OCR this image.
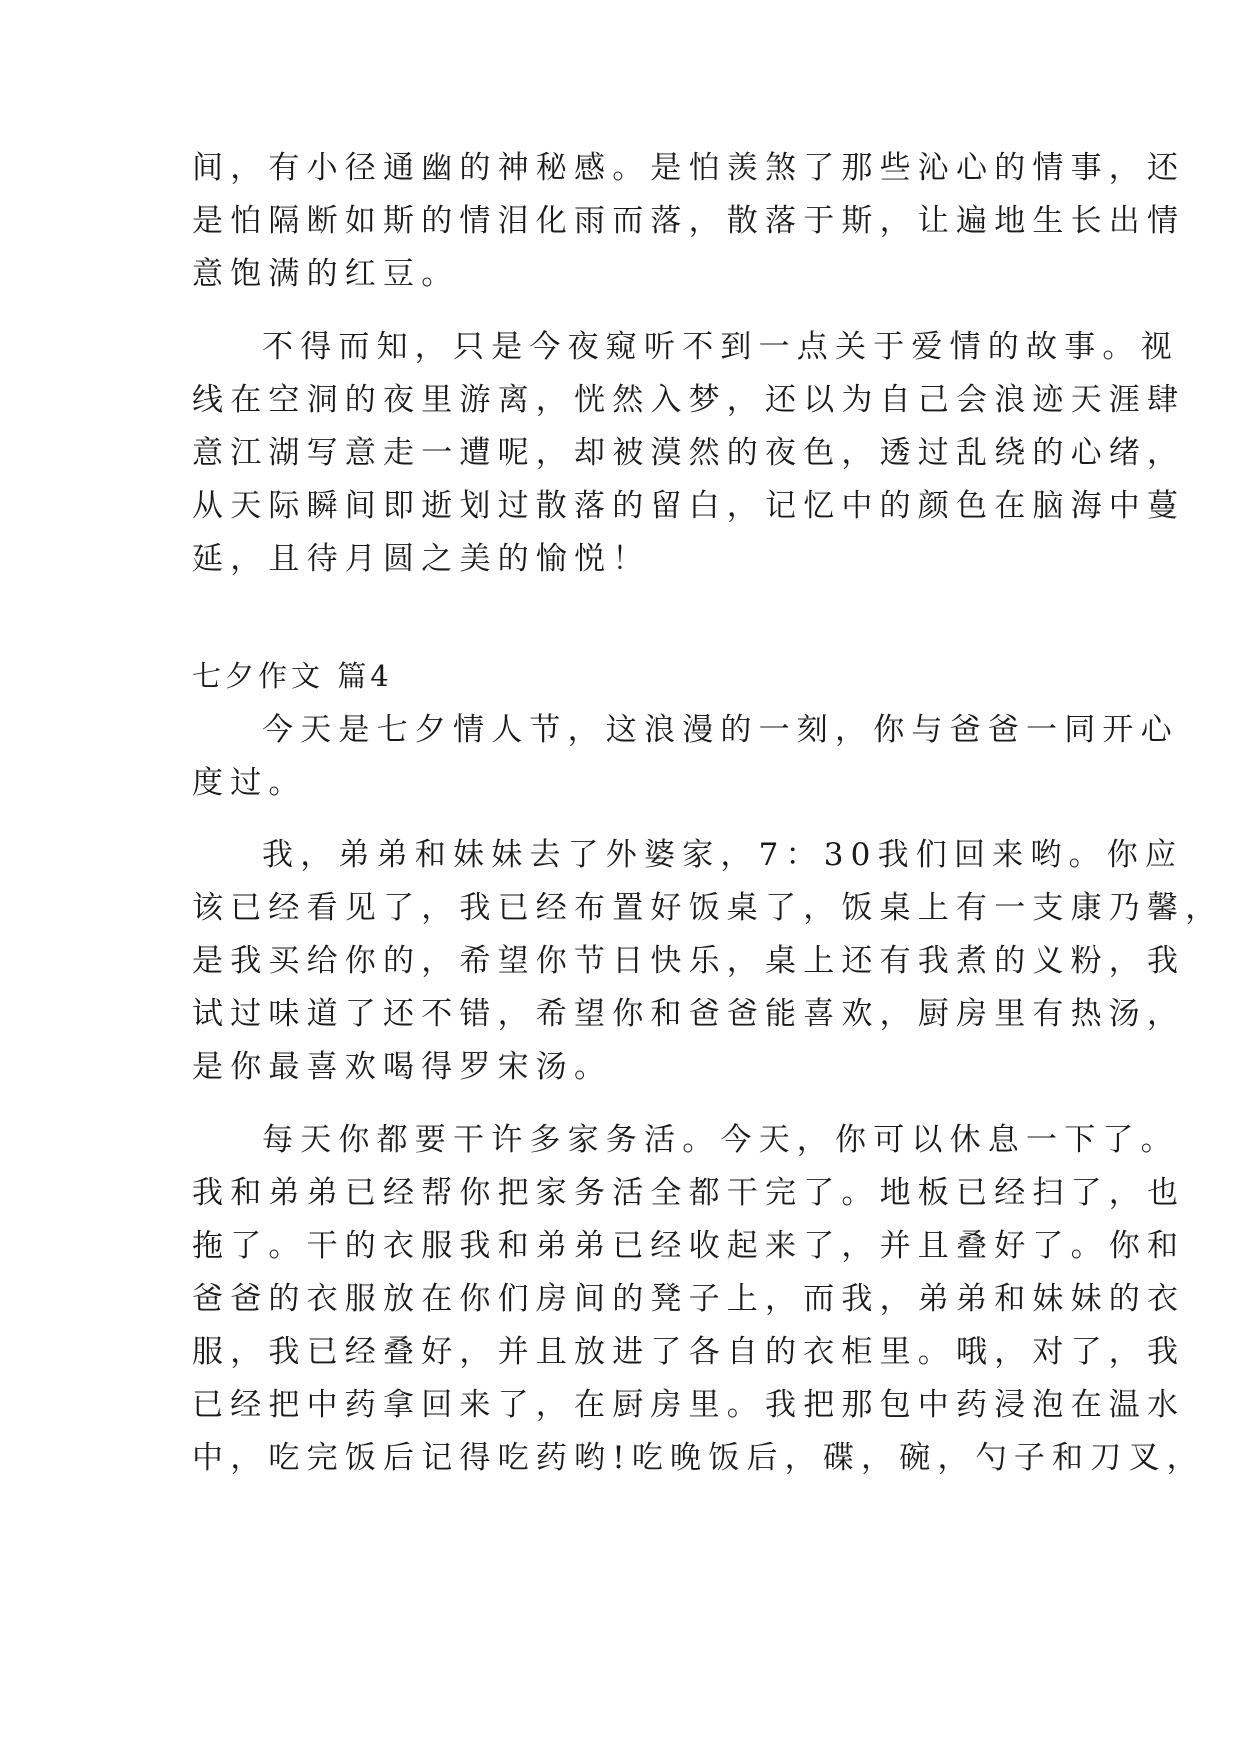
间，有小径通幽的神秘感。是怕羡煞了那些沁心的情事，还
是怕隔断如斯的情泪化雨而落，散落于斯，让遍地生长出情
意饱满的红豆。
不得而知，只是今夜窥听不到一点关于爱情的故事。视
线在空洞的夜里游离，恍然入梦，还以为自己会浪迹天涯肆
意江湖写意走一遭呢，却被漠然的夜色，透过乱绕的心绪，
从天际瞬间即逝划过散落的留白，记忆中的颜色在脑海中蔓
延，且待月圆之美的愉悦！
七夕作文 篇4
今天是七夕情人节，这浪漫的一刻，你与爸爸一同开心
度过。
我，弟弟和妹妹去了外婆家，7：30我们回来哟。你应
该已经看见了，我已经布置好饭桌了，饭桌上有一支康乃馨，
是我买给你的，希望你节日快乐，桌上还有我煮的义粉，我
试过味道了还不错，希望你和爸爸能喜欢，厨房里有热汤，
是你最喜欢喝得罗宋汤。
每天你都要干许多家务活。今天，你可以休息一下了。
我和弟弟已经帮你把家务活全都干完了。地板已经扫了，也
拖了。干的衣服我和弟弟已经收起来了，并且叠好了。你和
爸爸的衣服放在你们房间的凳子上，而我，弟弟和妹妹的衣
服，我已经叠好，并且放进了各自的衣柜里。哦，对了，我
已经把中药拿回来了，在厨房里。我把那包中药浸泡在温水
中，吃完饭后记得吃药哟!吃晚饭后，碟，碗，勺子和刀叉，
